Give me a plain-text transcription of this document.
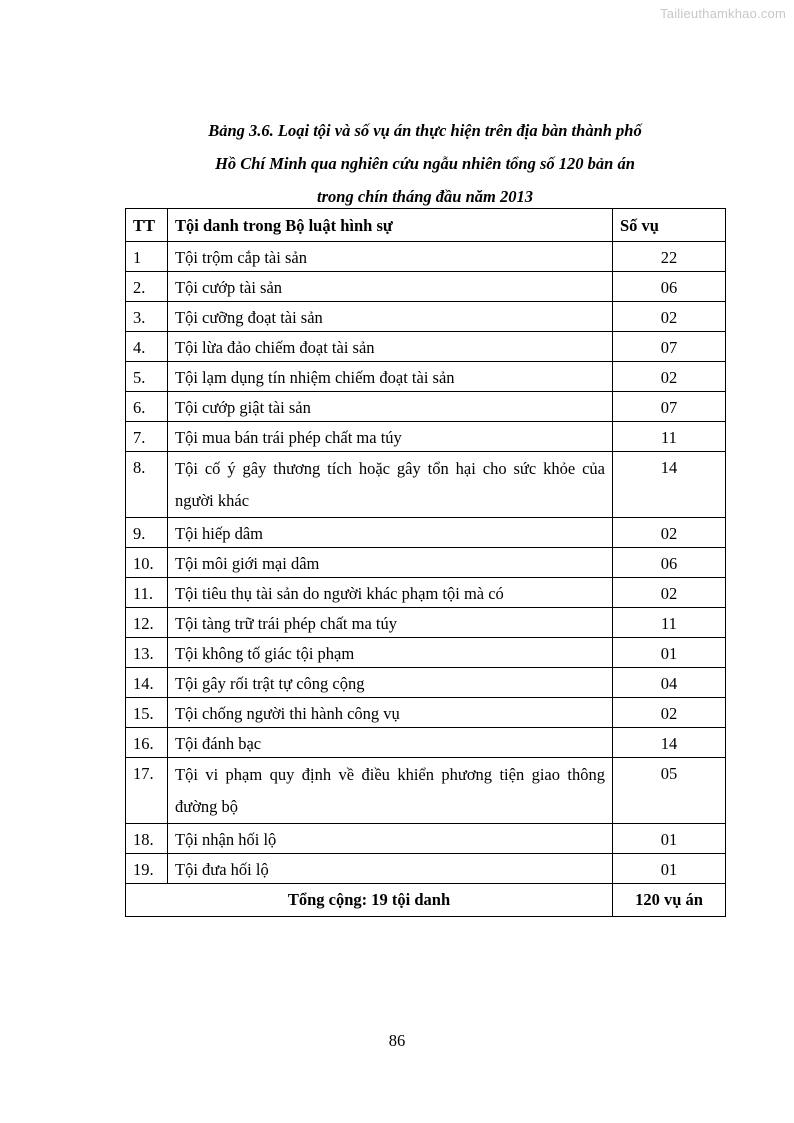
Tailieuthamkhao.com
Bảng 3.6. Loại tội và số vụ án thực hiện trên địa bàn thành phố
Hồ Chí Minh qua nghiên cứu ngẫu nhiên tổng số 120 bản án
trong chín tháng đầu năm 2013
TT	Tội danh trong Bộ luật hình sự	Số vụ
1	Tội trộm cắp tài sản	22
2.	Tội cướp tài sản	06
3.	Tội cưỡng đoạt tài sản	02
4.	Tội lừa đảo chiếm đoạt tài sản	07
5.	Tội lạm dụng tín nhiệm chiếm đoạt tài sản	02
6.	Tội cướp giật tài sản	07
7.	Tội mua bán trái phép chất ma túy	11
8.	Tội cố ý gây thương tích hoặc gây tổn hại cho sức khỏe của người khác	14
9.	Tội hiếp dâm	02
10.	Tội môi giới mại dâm	06
11.	Tội tiêu thụ tài sản do người khác phạm tội mà có	02
12.	Tội tàng trữ trái phép chất ma túy	11
13.	Tội không tố giác tội phạm	01
14.	Tội gây rối trật tự công cộng	04
15.	Tội chống người thi hành công vụ	02
16.	Tội đánh bạc	14
17.	Tội vi phạm quy định về điều khiển phương tiện giao thông đường bộ	05
18.	Tội nhận hối lộ	01
19.	Tội đưa hối lộ	01
Tổng cộng: 19 tội danh		120 vụ án
86
